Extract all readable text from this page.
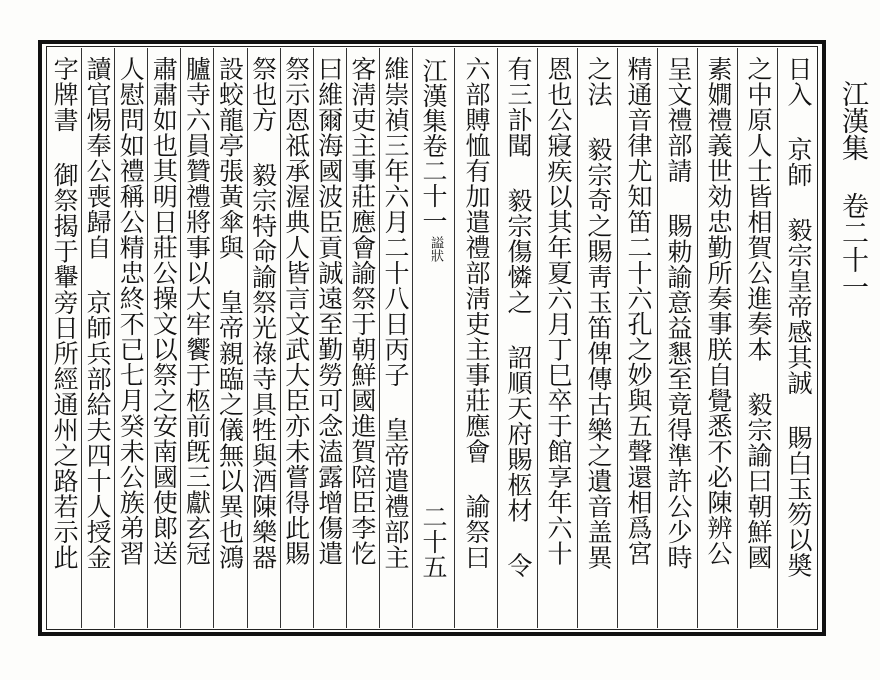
江漢集 卷二十一
日入 京師 毅宗皇帝感其誠 賜白玉笏以奬
之中原人士皆相賀公進奏本 毅宗諭曰朝鮮國
素嫺禮義世効忠勤所奏事朕自覺悉不必陳辨公
呈文禮部請 賜勅諭意益懇至竟得準許公少時
精通音律尤知笛二十六孔之妙與五聲還相爲宮
之法 毅宗奇之賜靑玉笛俾傳古樂之遺音盖異
恩也公寢疾以其年夏六月丁巳卒于館享年六十
有三訃聞 毅宗傷憐之 詔順天府賜柩材 令
六部賻恤有加遣禮部淸吏主事莊應會 諭祭曰
江漢集卷二十一
謚狀
二十五
維崇禎三年六月二十八日丙子 皇帝遣禮部主
客淸吏主事莊應會諭祭于朝鮮國進賀陪臣李忔
曰維爾海國波臣貢誠遠至勤勞可念溘露增傷遣
祭示恩祗承渥典人皆言文武大臣亦未嘗得此賜
祭也方 毅宗特命諭祭光祿寺具牲與酒陳樂器
設蛟龍亭張黃傘與 皇帝親臨之儀無以異也鴻
臚寺六員贊禮將事以大牢饗于柩前旣三獻玄冠
肅肅如也其明日莊公操文以祭之安南國使郞送
人慰問如禮稱公精忠終不已七月癸未公族弟習
讀官惕奉公喪歸自 京師兵部給夫四十人授金
字牌書 御祭揭于轝旁日所經通州之路若示此
